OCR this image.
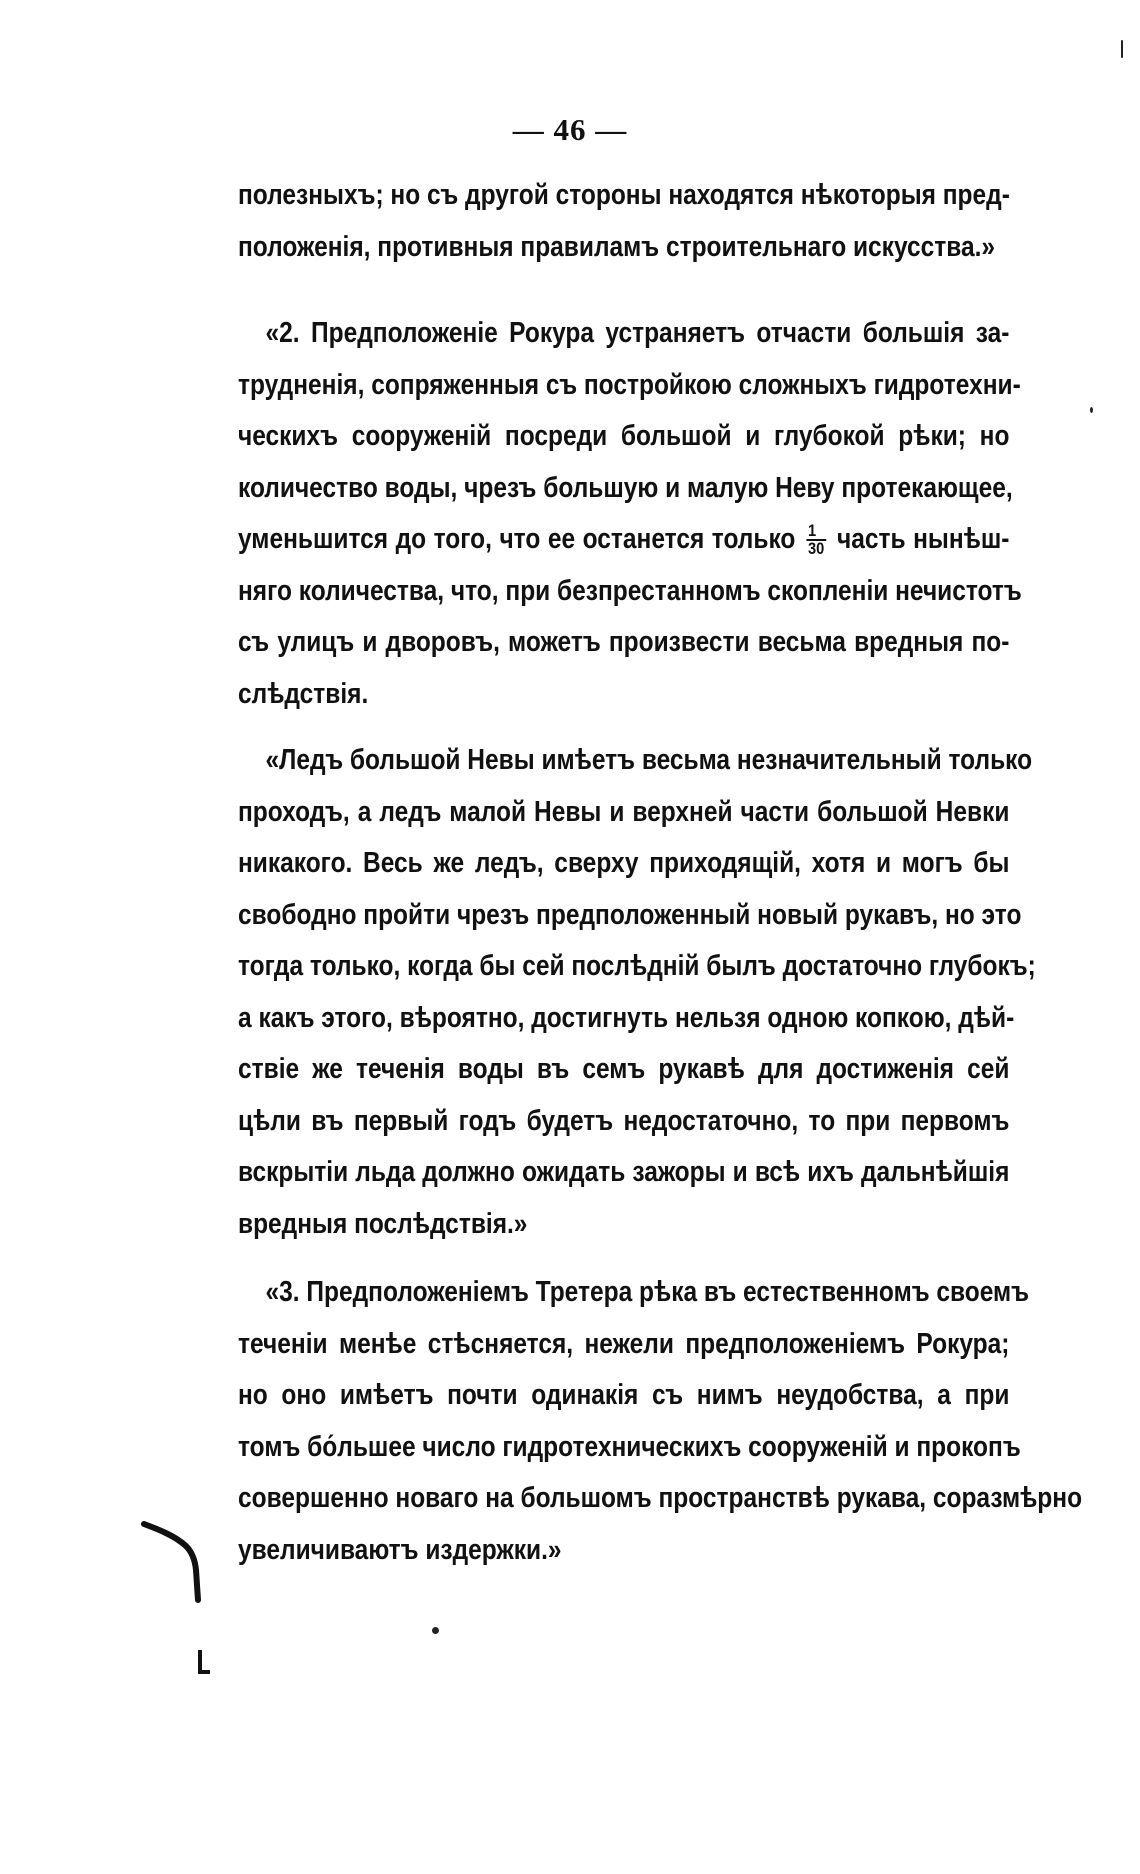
— 46 —
полезныхъ; но съ другой стороны находятся нѣкоторыя пред-
положенія, противныя правиламъ строительнаго искусства.»
«2. Предположеніе Рокура устраняетъ отчасти большія за-
трудненія, сопряженныя съ постройкою сложныхъ гидротехни-
ческихъ сооруженій посреди большой и глубокой рѣки; но
количество воды, чрезъ большую и малую Неву протекающее,
уменьшится до того, что ее останется только $\frac{1}{30}$ часть нынѣш-
няго количества, что, при безпрестанномъ скопленіи нечистотъ
съ улицъ и дворовъ, можетъ произвести весьма вредныя по-
слѣдствія.
«Ледъ большой Невы имѣетъ весьма незначительный только
проходъ, а ледъ малой Невы и верхней части большой Невки
никакого. Весь же ледъ, сверху приходящій, хотя и могъ бы
свободно пройти чрезъ предположенный новый рукавъ, но это
тогда только, когда бы сей послѣдній былъ достаточно глубокъ;
а какъ этого, вѣроятно, достигнуть нельзя одною копкою, дѣй-
ствіе же теченія воды въ семъ рукавѣ для достиженія сей
цѣли въ первый годъ будетъ недостаточно, то при первомъ
вскрытіи льда должно ожидать зажоры и всѣ ихъ дальнѣйшія
вредныя послѣдствія.»
«3. Предположеніемъ Третера рѣка въ естественномъ своемъ
теченіи менѣе стѣсняется, нежели предположеніемъ Рокура;
но оно имѣетъ почти одинакія съ нимъ неудобства, а при
томъ бо́льшее число гидротехническихъ сооруженій и прокопъ
совершенно новаго на большомъ пространствѣ рукава, соразмѣрно
увеличиваютъ издержки.»
